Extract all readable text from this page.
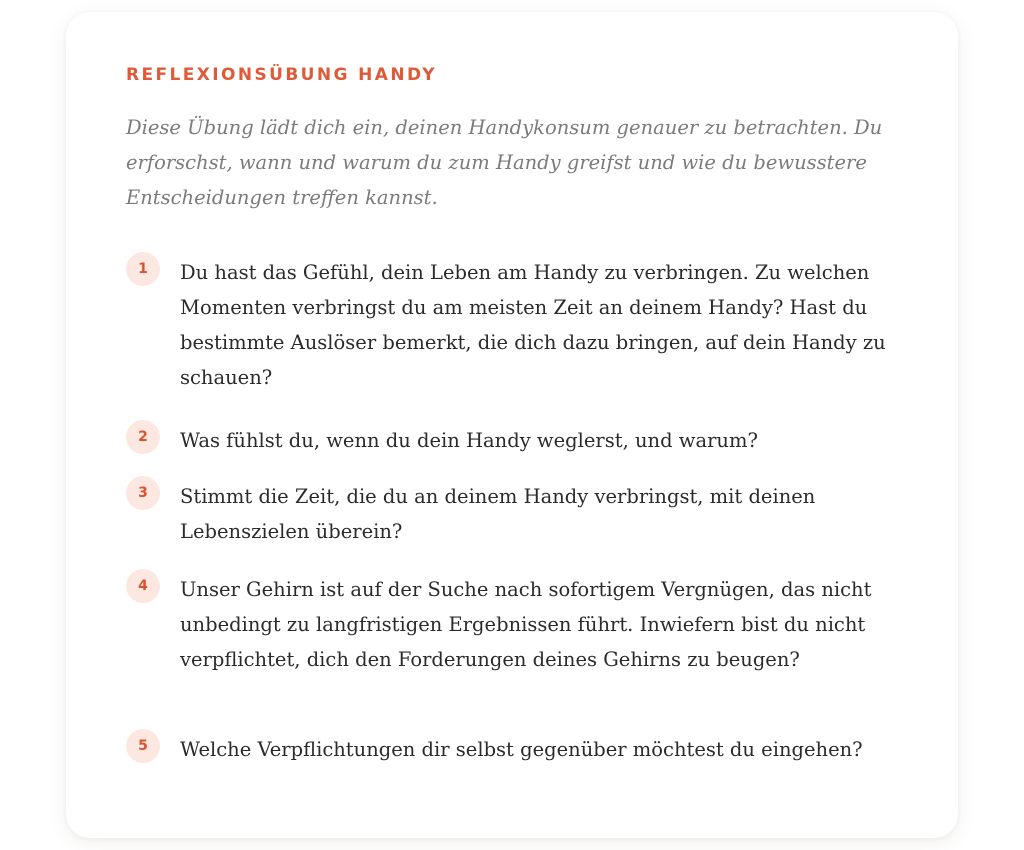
REFLEXIONSÜBUNG HANDY

Diese Übung lädt dich ein, deinen Handykonsum genauer zu betrachten. Du erforschst, wann und warum du zum Handy greifst und wie du bewusstere Entscheidungen treffen kannst.

1	Du hast das Gefühl, dein Leben am Handy zu verbringen. Zu welchen Momenten verbringst du am meisten Zeit an deinem Handy? Hast du bestimmte Auslöser bemerkt, die dich dazu bringen, auf dein Handy zu schauen?
2	Was fühlst du, wenn du dein Handy weglerst, und warum?
3	Stimmt die Zeit, die du an deinem Handy verbringst, mit deinen Lebenszielen überein?
4	Unser Gehirn ist auf der Suche nach sofortigem Vergnügen, das nicht unbedingt zu langfristigen Ergebnissen führt. Inwiefern bist du nicht verpflichtet, dich den Forderungen deines Gehirns zu beugen?
5	Welche Verpflichtungen dir selbst gegenüber möchtest du eingehen?
